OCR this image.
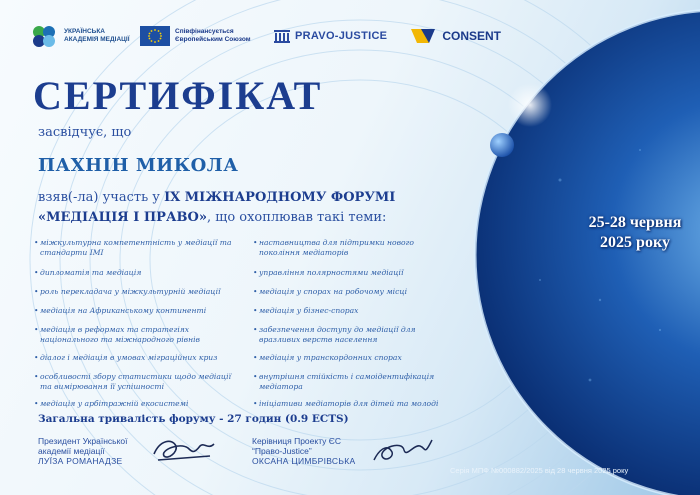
УКРАЇНСЬКА АКАДЕМІЯ МЕДІАЦІЇ
Співфінансується Європейським Союзом	PRAVO-JUSTICE	CONSENT
СЕРТИФІКАТ
засвідчує, що
ПАХНІН МИКОЛА
взяв(-ла) участь у IX МІЖНАРОДНОМУ ФОРУМІ
«МЕДІАЦІЯ І ПРАВО», що охоплював такі теми:
• міжкультурна компетентність у медіації та стандарти IMI
• дипломатія та медіація
• роль перекладача у міжкультурній медіації
• медіація на Африканському континенті
• медіація в реформах та стратегіях національного та міжнародного рівнів
• діалог і медіація в умовах міграційних криз
• особливості збору статистики щодо медіації та вимірювання її успішності
• медіація у арбітражній екосистемі
• наставництва для підтримки нового покоління медіаторів
• управління полярностями медіації
• медіація у спорах на робочому місці
• медіація у бізнес-спорах
• забезпечення доступу до медіації для вразливих верств населення
• медіація у транскордонних спорах
• внутрішня стійкість і самоідентифікація медіатора
• ініціативи медіаторів для дітей та молоді
Загальна тривалість форуму - 27 годин (0.9 ECTS)
Президент Української
академії медіації
ЛУЇЗА РОМАНАДЗЕ
Керівниця Проекту ЄС
“Право-Justice”
ОКСАНА ЦИМБРІВСЬКА
25-28 червня
2025 року
Серія МПФ №000882/2025 від 28 червня 2025 року
